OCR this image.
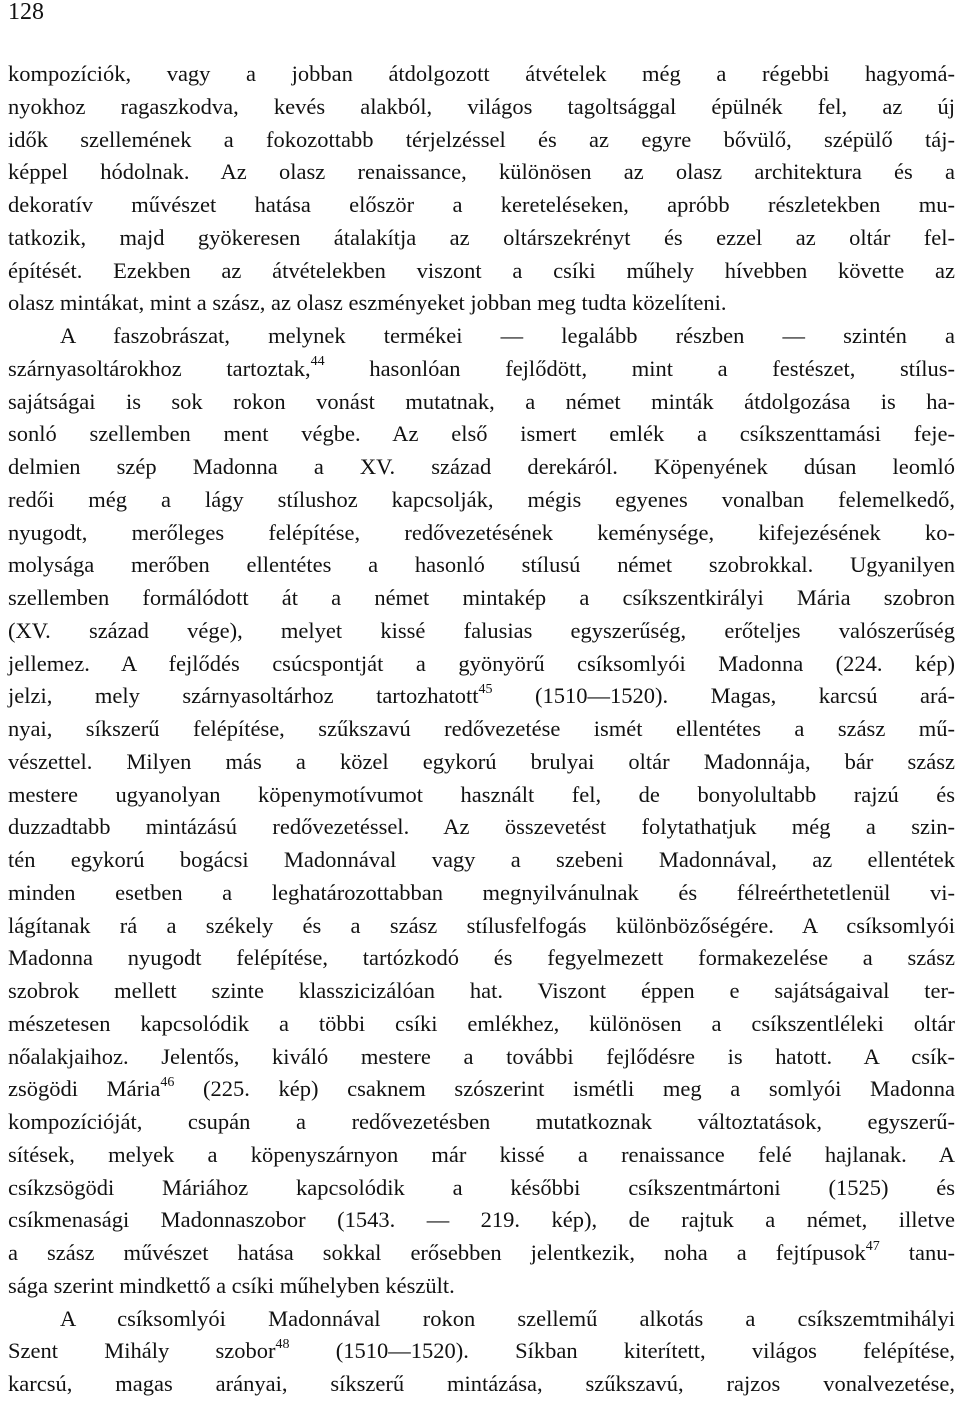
128
kompozíciók, vagy a jobban átdolgozott átvételek még a régebbi hagyomá-
nyokhoz ragaszkodva, kevés alakból, világos tagoltsággal épülnék fel, az új
idők szellemének a fokozottabb térjelzéssel és az egyre bővülő, szépülő táj-
képpel hódolnak. Az olasz renaissance, különösen az olasz architektura és a
dekoratív művészet hatása először a kereteléseken, apróbb részletekben mu-
tatkozik, majd gyökeresen átalakítja az oltárszekrényt és ezzel az oltár fel-
építését. Ezekben az átvételekben viszont a csíki műhely hívebben követte az
olasz mintákat, mint a szász, az olasz eszményeket jobban meg tudta közelíteni.
A faszobrászat, melynek termékei — legalább részben — szintén a
szárnyasoltárokhoz tartoztak,$^{44}$ hasonlóan fejlődött, mint a festészet, stílus-
sajátságai is sok rokon vonást mutatnak, a német minták átdolgozása is ha-
sonló szellemben ment végbe. Az első ismert emlék a csíkszenttamási feje-
delmien szép Madonna a XV. század derekáról. Köpenyének dúsan leomló
redői még a lágy stílushoz kapcsolják, mégis egyenes vonalban felemelkedő,
nyugodt, merőleges felépítése, redővezetésének keménysége, kifejezésének ko-
molysága merőben ellentétes a hasonló stílusú német szobrokkal. Ugyanilyen
szellemben formálódott át a német mintakép a csíkszentkirályi Mária szobron
(XV. század vége), melyet kissé falusias egyszerűség, erőteljes valószerűség
jellemez. A fejlődés csúcspontját a gyönyörű csíksomlyói Madonna (224. kép)
jelzi, mely szárnyasoltárhoz tartozhatott$^{45}$ (1510—1520). Magas, karcsú ará-
nyai, síkszerű felépítése, szűkszavú redővezetése ismét ellentétes a szász mű-
vészettel. Milyen más a közel egykorú brulyai oltár Madonnája, bár szász
mestere ugyanolyan köpenymotívumot használt fel, de bonyolultabb rajzú és
duzzadtabb mintázású redővezetéssel. Az összevetést folytathatjuk még a szin-
tén egykorú bogácsi Madonnával vagy a szebeni Madonnával, az ellentétek
minden esetben a leghatározottabban megnyilvánulnak és félreérthetetlenül vi-
lágítanak rá a székely és a szász stílusfelfogás különbözőségére. A csíksomlyói
Madonna nyugodt felépítése, tartózkodó és fegyelmezett formakezelése a szász
szobrok mellett szinte klasszicizálóan hat. Viszont éppen e sajátságaival ter-
mészetesen kapcsolódik a többi csíki emlékhez, különösen a csíkszentléleki oltár
nőalakjaihoz. Jelentős, kiváló mestere a további fejlődésre is hatott. A csík-
zsögödi Mária$^{46}$ (225. kép) csaknem szószerint ismétli meg a somlyói Madonna
kompozícióját, csupán a redővezetésben mutatkoznak változtatások, egyszerű-
sítések, melyek a köpenyszárnyon már kissé a renaissance felé hajlanak. A
csíkzsögödi Máriához kapcsolódik a későbbi csíkszentmártoni (1525) és
csíkmenasági Madonnaszobor (1543. — 219. kép), de rajtuk a német, illetve
a szász művészet hatása sokkal erősebben jelentkezik, noha a fejtípusok$^{47}$ tanu-
sága szerint mindkettő a csíki műhelyben készült.
A csíksomlyói Madonnával rokon szellemű alkotás a csíkszemtmihályi
Szent Mihály szobor$^{48}$ (1510—1520). Síkban kiterített, világos felépítése,
karcsú, magas arányai, síkszerű mintázása, szűkszavú, rajzos vonalvezetése,
